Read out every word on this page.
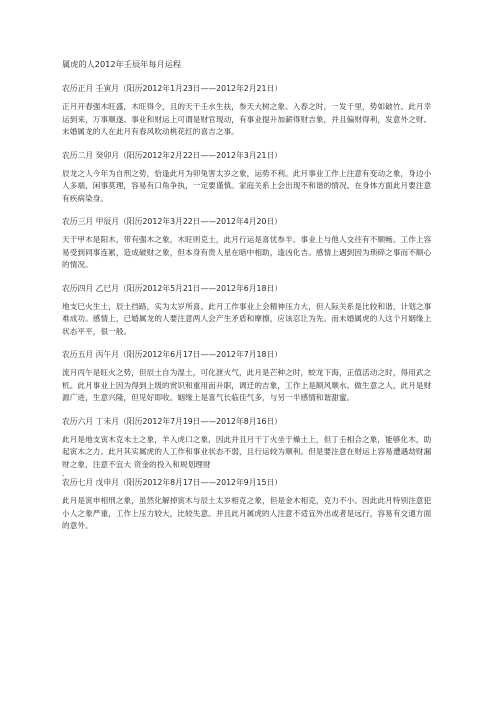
属虎的人2012年壬辰年每月运程

农历正月 壬寅月（阳历2012年1月23日——2012年2月21日）

正月开春强木旺盛，木旺得令，且的天干壬水生扶，参天大树之象。入春之时，一发千里，势如破竹。此月幸运到来，万事顺遂。事业和财运上可谓是财官现动，有事业提升加薪得财吉象，并且偏财得利，发意外之财。未婚属龙的人在此月有春风吹动桃花红的喜吉之事。

农历二月 癸卯月（阳历2012年2月22日——2012年3月21日）

辰龙之人今年为自刑之势，恰逢此月为卯兔害太岁之象，运势不利。此月事业工作上注意有变动之象，身边小人多端，闲事莫理，容易有口角争执，一定要谨慎。家庭关系上会出现不和谐的情况。在身体方面此月要注意有疾病染身。

农历三月 甲辰月（阳历2012年3月22日——2012年4月20日）

天干甲木是阳木，带有强木之象，木旺则克土，此月行运是喜忧参半。事业上与他人交往有不顺畅。工作上容易受到同事连累，造成破财之象，但本身有贵人星在暗中相助，逢凶化吉。感情上遇到因为琐碎之事而不顺心的情况。

农历四月 乙巳月（阳历2012年5月21日——2012年6月18日）

地支巳火生土，辰土挡路，实为太岁所喜。此月工作事业上会精神压力大，但人际关系是比较和谐，计划之事难成功。感情上，已婚属龙的人要注意两人会产生矛盾和摩擦，应该忍让为先。而未婚属虎的人这个月姻缘上状态平平，很一般。

农历五月 丙午月（阳历2012年6月17日——2012年7月18日）

流月丙午是旺火之势，但辰土自为湿土，可化泄火气，此月是芒种之时，蛟龙下海，正值活动之时，得用武之机。此月事业上因为得到上级的赏识和重用而升职，调迁的吉象，工作上是顺风顺水。做生意之人，此月是财源广进，生意兴隆，但见好即收。姻缘上是喜气长临佳气多，与另一半感情和谐甜蜜。

农历六月 丁未月（阳历2012年7月19日——2012年8月16日）

此月是地支寅木克未土之象，羊入虎口之象，因此并且月干丁火坐于燥土上，但丁壬相合之象，能够化木，助起寅木之力。此月其实属虎的人工作和事业状态不弱，且行运较为顺利。但是要注意在财运上容易遭遇劫财漏财之象，注意不宜大 资金的投入和规划理财

.

农历七月 戊申月（阳历2012年8月17日——2012年9月15日）

此月是寅申相刑之象，虽然化解掉寅木与辰土太岁相克之象，但是金木相克，克力不小。因此此月特别注意犯小人之象严重，工作上压力较大，比较失意。并且此月属虎的人注意不适宜外出或者是远行，容易有交通方面的意外。
